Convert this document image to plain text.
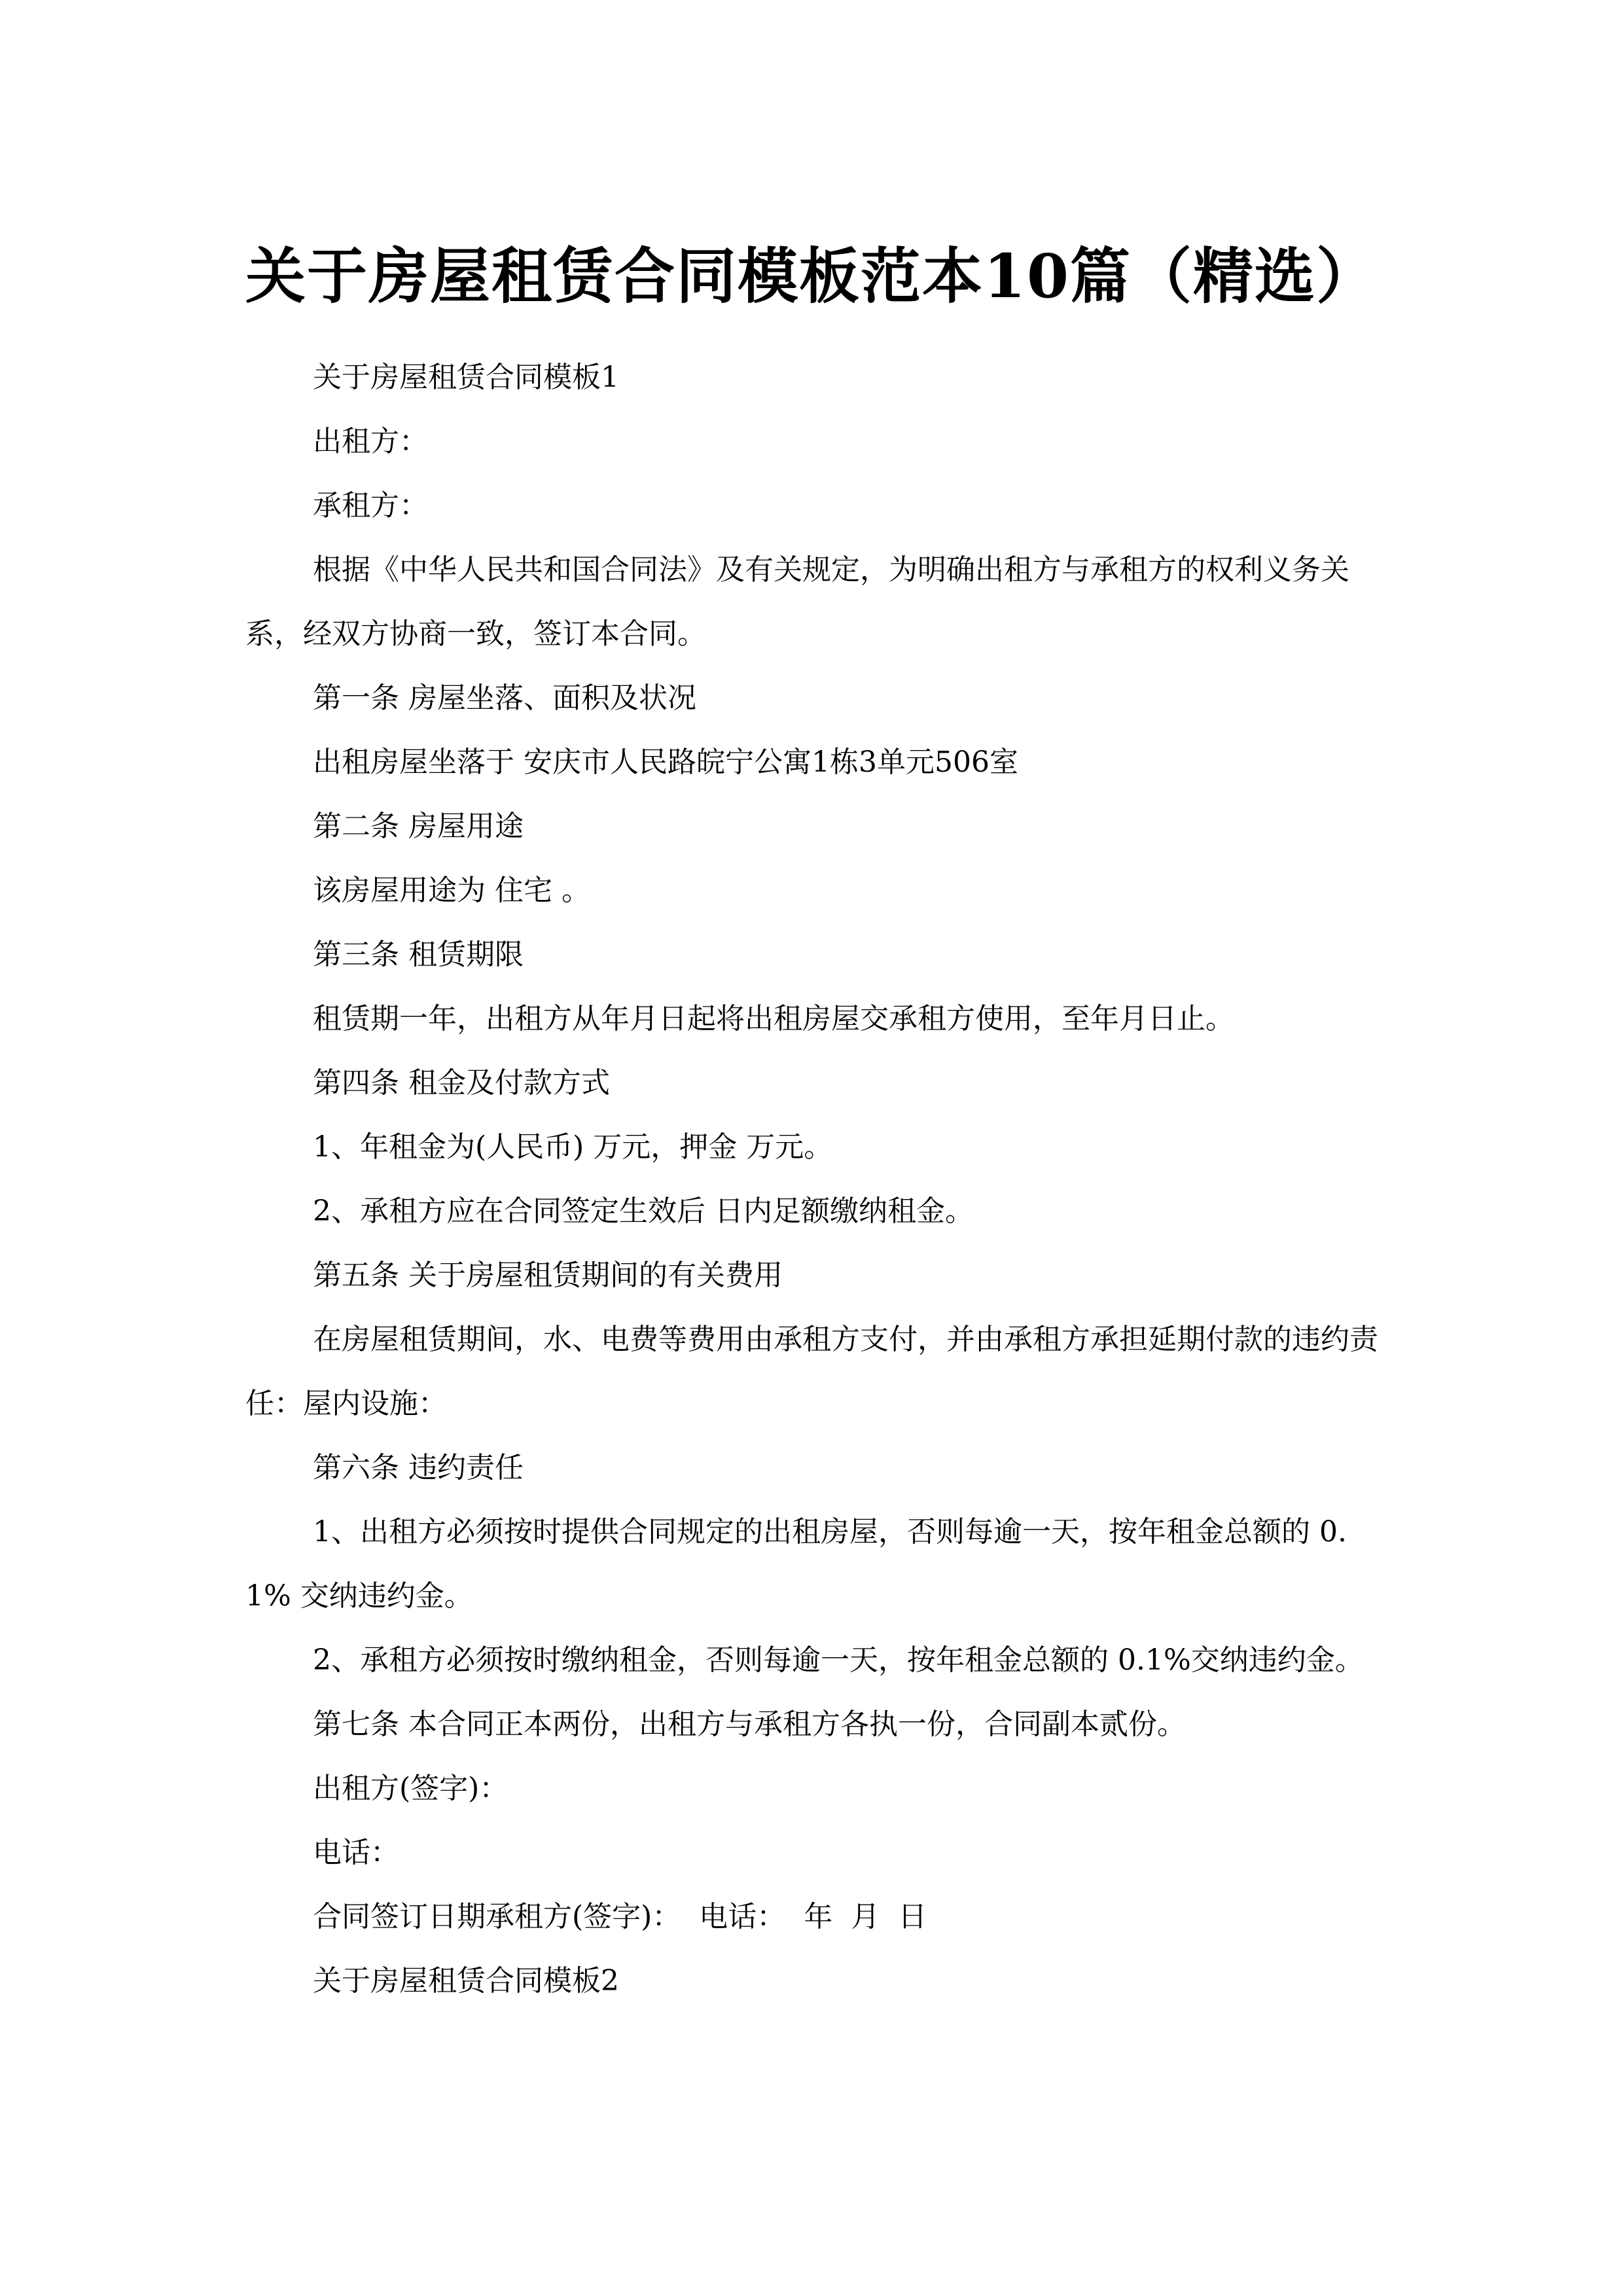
关于房屋租赁合同模板范本10篇（精选）

关于房屋租赁合同模板1

出租方：

承租方：

根据《中华人民共和国合同法》及有关规定，为明确出租方与承租方的权利义务关系，经双方协商一致，签订本合同。

第一条 房屋坐落、面积及状况

出租房屋坐落于 安庆市人民路皖宁公寓1栋3单元506室

第二条 房屋用途

该房屋用途为 住宅 。

第三条 租赁期限

租赁期一年，出租方从年月日起将出租房屋交承租方使用，至年月日止。

第四条 租金及付款方式

1、年租金为(人民币) 万元，押金 万元。

2、承租方应在合同签定生效后 日内足额缴纳租金。

第五条 关于房屋租赁期间的有关费用

在房屋租赁期间，水、电费等费用由承租方支付，并由承租方承担延期付款的违约责任：屋内设施：

第六条 违约责任

1、出租方必须按时提供合同规定的出租房屋，否则每逾一天，按年租金总额的 0.1% 交纳违约金。

2、承租方必须按时缴纳租金，否则每逾一天，按年租金总额的 0.1%交纳违约金。

第七条 本合同正本两份，出租方与承租方各执一份，合同副本贰份。

出租方(签字)：

电话：

合同签订日期承租方(签字)：  电话：  年  月  日

关于房屋租赁合同模板2
